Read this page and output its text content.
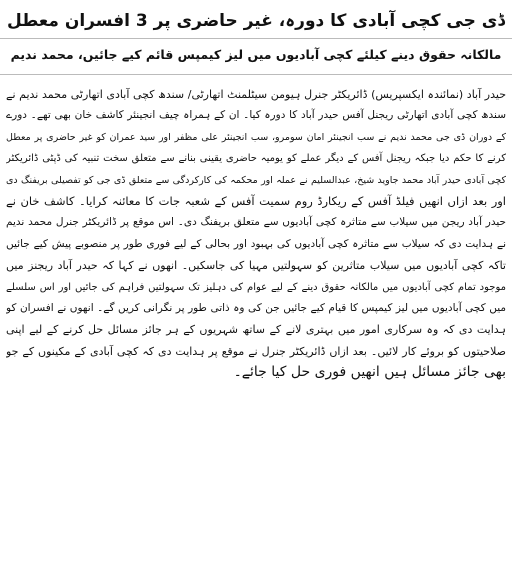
ڈی جی کچی آبادی کا دورہ، غیر حاضری پر 3 افسران معطل
مالکانہ حقوق دینے کیلئے کچی آبادیوں میں لیز کیمپس قائم کیے جائیں، محمد ندیم
حیدر آباد (نمائندہ ایکسپریس) ڈائریکٹر جنرل ہیومن سیٹلمنٹ اتھارٹی/ سندھ کچی آبادی اتھارٹی محمد ندیم نے
سندھ کچی آبادی اتھارٹی ریجنل آفس حیدر آباد کا دورہ کیا۔ ان کے ہمراہ چیف انجینئر کاشف خان بھی تھے۔ دورے
کے دوران ڈی جی محمد ندیم نے سب انجینئر امان سومرو، سب انجینئر علی مظفر اور سید عمران کو غیر حاضری پر معطل
کرنے کا حکم دیا جبکہ ریجنل آفس کے دیگر عملے کو یومیہ حاضری یقینی بنانے سے متعلق سخت تنبیہ کی ڈپٹی ڈائریکٹر
کچی آبادی حیدر آباد محمد جاوید شیخ، عبدالسلیم نے عملہ اور محکمہ کی کارکردگی سے متعلق ڈی جی کو تفصیلی بریفنگ دی
اور بعد ازاں انھیں فیلڈ آفس کے ریکارڈ روم سمیت آفس کے شعبہ جات کا معائنہ کرایا۔ کاشف خان نے
حیدر آباد ریجن میں سیلاب سے متاثرہ کچی آبادیوں سے متعلق بریفنگ دی۔ اس موقع پر ڈائریکٹر جنرل محمد ندیم
نے ہدایت دی کہ سیلاب سے متاثرہ کچی آبادیوں کی بہبود اور بحالی کے لیے فوری طور پر منصوبے پیش کیے جائیں
تاکہ کچی آبادیوں میں سیلاب متاثرین کو سہولتیں مہیا کی جاسکیں۔ انھوں نے کہا کہ حیدر آباد ریجنز میں
موجود تمام کچی آبادیوں میں مالکانہ حقوق دینے کے لیے عوام کی دہلیز تک سہولتیں فراہم کی جائیں اور اس سلسلے
میں کچی آبادیوں میں لیز کیمپس کا قیام کیے جائیں جن کی وہ ذاتی طور پر نگرانی کریں گے۔ انھوں نے افسران کو
ہدایت دی کہ وہ سرکاری امور میں بہتری لانے کے ساتھ شہریوں کے ہر جائز مسائل حل کرنے کے لیے اپنی
صلاحیتوں کو بروئے کار لائیں۔ بعد ازاں ڈائریکٹر جنرل نے موقع پر ہدایت دی کہ کچی آبادی کے مکینوں کے جو
بھی جائز مسائل ہیں انھیں فوری حل کیا جائے۔
